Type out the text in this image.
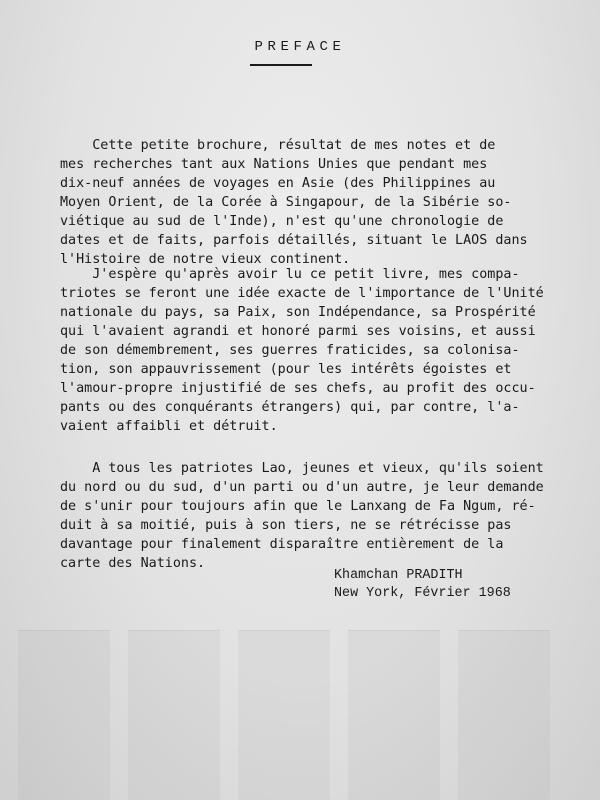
PREFACE
Cette petite brochure, résultat de mes notes et de
mes recherches tant aux Nations Unies que pendant mes
dix-neuf années de voyages en Asie (des Philippines au
Moyen Orient, de la Corée à Singapour, de la Sibérie so-
viétique au sud de l'Inde), n'est qu'une chronologie de
dates et de faits, parfois détaillés, situant le LAOS dans
l'Histoire de notre vieux continent.
J'espère qu'après avoir lu ce petit livre, mes compa-
triotes se feront une idée exacte de l'importance de l'Unité
nationale du pays, sa Paix, son Indépendance, sa Prospérité
qui l'avaient agrandi et honoré parmi ses voisins, et aussi
de son démembrement, ses guerres fraticides, sa colonisa-
tion, son appauvrissement (pour les intérêts égoistes et
l'amour-propre injustifié de ses chefs, au profit des occu-
pants ou des conquérants étrangers) qui, par contre, l'a-
vaient affaibli et détruit.
A tous les patriotes Lao, jeunes et vieux, qu'ils soient
du nord ou du sud, d'un parti ou d'un autre, je leur demande
de s'unir pour toujours afin que le Lanxang de Fa Ngum, ré-
duit à sa moitié, puis à son tiers, ne se rétrécisse pas
davantage pour finalement disparaître entièrement de la
carte des Nations.
Khamchan PRADITH
New York, Février 1968
